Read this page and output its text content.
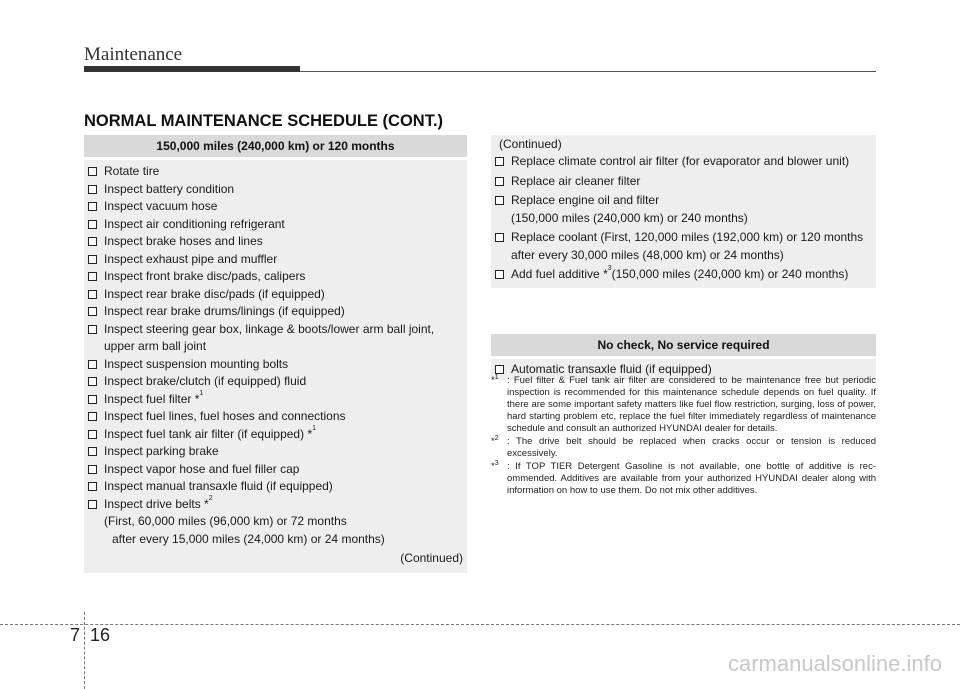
Maintenance
NORMAL MAINTENANCE SCHEDULE (CONT.)
150,000 miles (240,000 km) or 120 months
Rotate tire
Inspect battery condition
Inspect vacuum hose
Inspect air conditioning refrigerant
Inspect brake hoses and lines
Inspect exhaust pipe and muffler
Inspect front brake disc/pads, calipers
Inspect rear brake disc/pads (if equipped)
Inspect rear brake drums/linings (if equipped)
Inspect steering gear box, linkage & boots/lower arm ball joint,
upper arm ball joint
Inspect suspension mounting bolts
Inspect brake/clutch (if equipped) fluid
Inspect fuel filter *$^1$
Inspect fuel lines, fuel hoses and connections
Inspect fuel tank air filter (if equipped) *$^1$
Inspect parking brake
Inspect vapor hose and fuel filler cap
Inspect manual transaxle fluid (if equipped)
Inspect drive belts *$^2$
(First, 60,000 miles (96,000 km) or 72 months
after every 15,000 miles (24,000 km) or 24 months)
(Continued)
(Continued)
Replace climate control air filter (for evaporator and blower unit)
Replace air cleaner filter
Replace engine oil and filter
(150,000 miles (240,000 km) or 240 months)
Replace coolant (First, 120,000 miles (192,000 km) or 120 months
after every 30,000 miles (48,000 km) or 24 months)
Add fuel additive *$^3$(150,000 miles (240,000 km) or 240 months)
No check, No service required
Automatic transaxle fluid (if equipped)
*$^1$ : Fuel filter & Fuel tank air filter are considered to be maintenance free but periodic inspection is recommended for this maintenance schedule depends on fuel quality. If there are some important safety matters like fuel flow restriction, surging, loss of power, hard starting problem etc, replace the fuel filter immediately regardless of maintenance schedule and consult an authorized HYUNDAI dealer for details.
*$^2$ : The drive belt should be replaced when cracks occur or tension is reduced excessively.
*$^3$ : If TOP TIER Detergent Gasoline is not available, one bottle of additive is rec-ommended. Additives are available from your authorized HYUNDAI dealer along with information on how to use them. Do not mix other additives.
7 16
carmanualsonline.info
